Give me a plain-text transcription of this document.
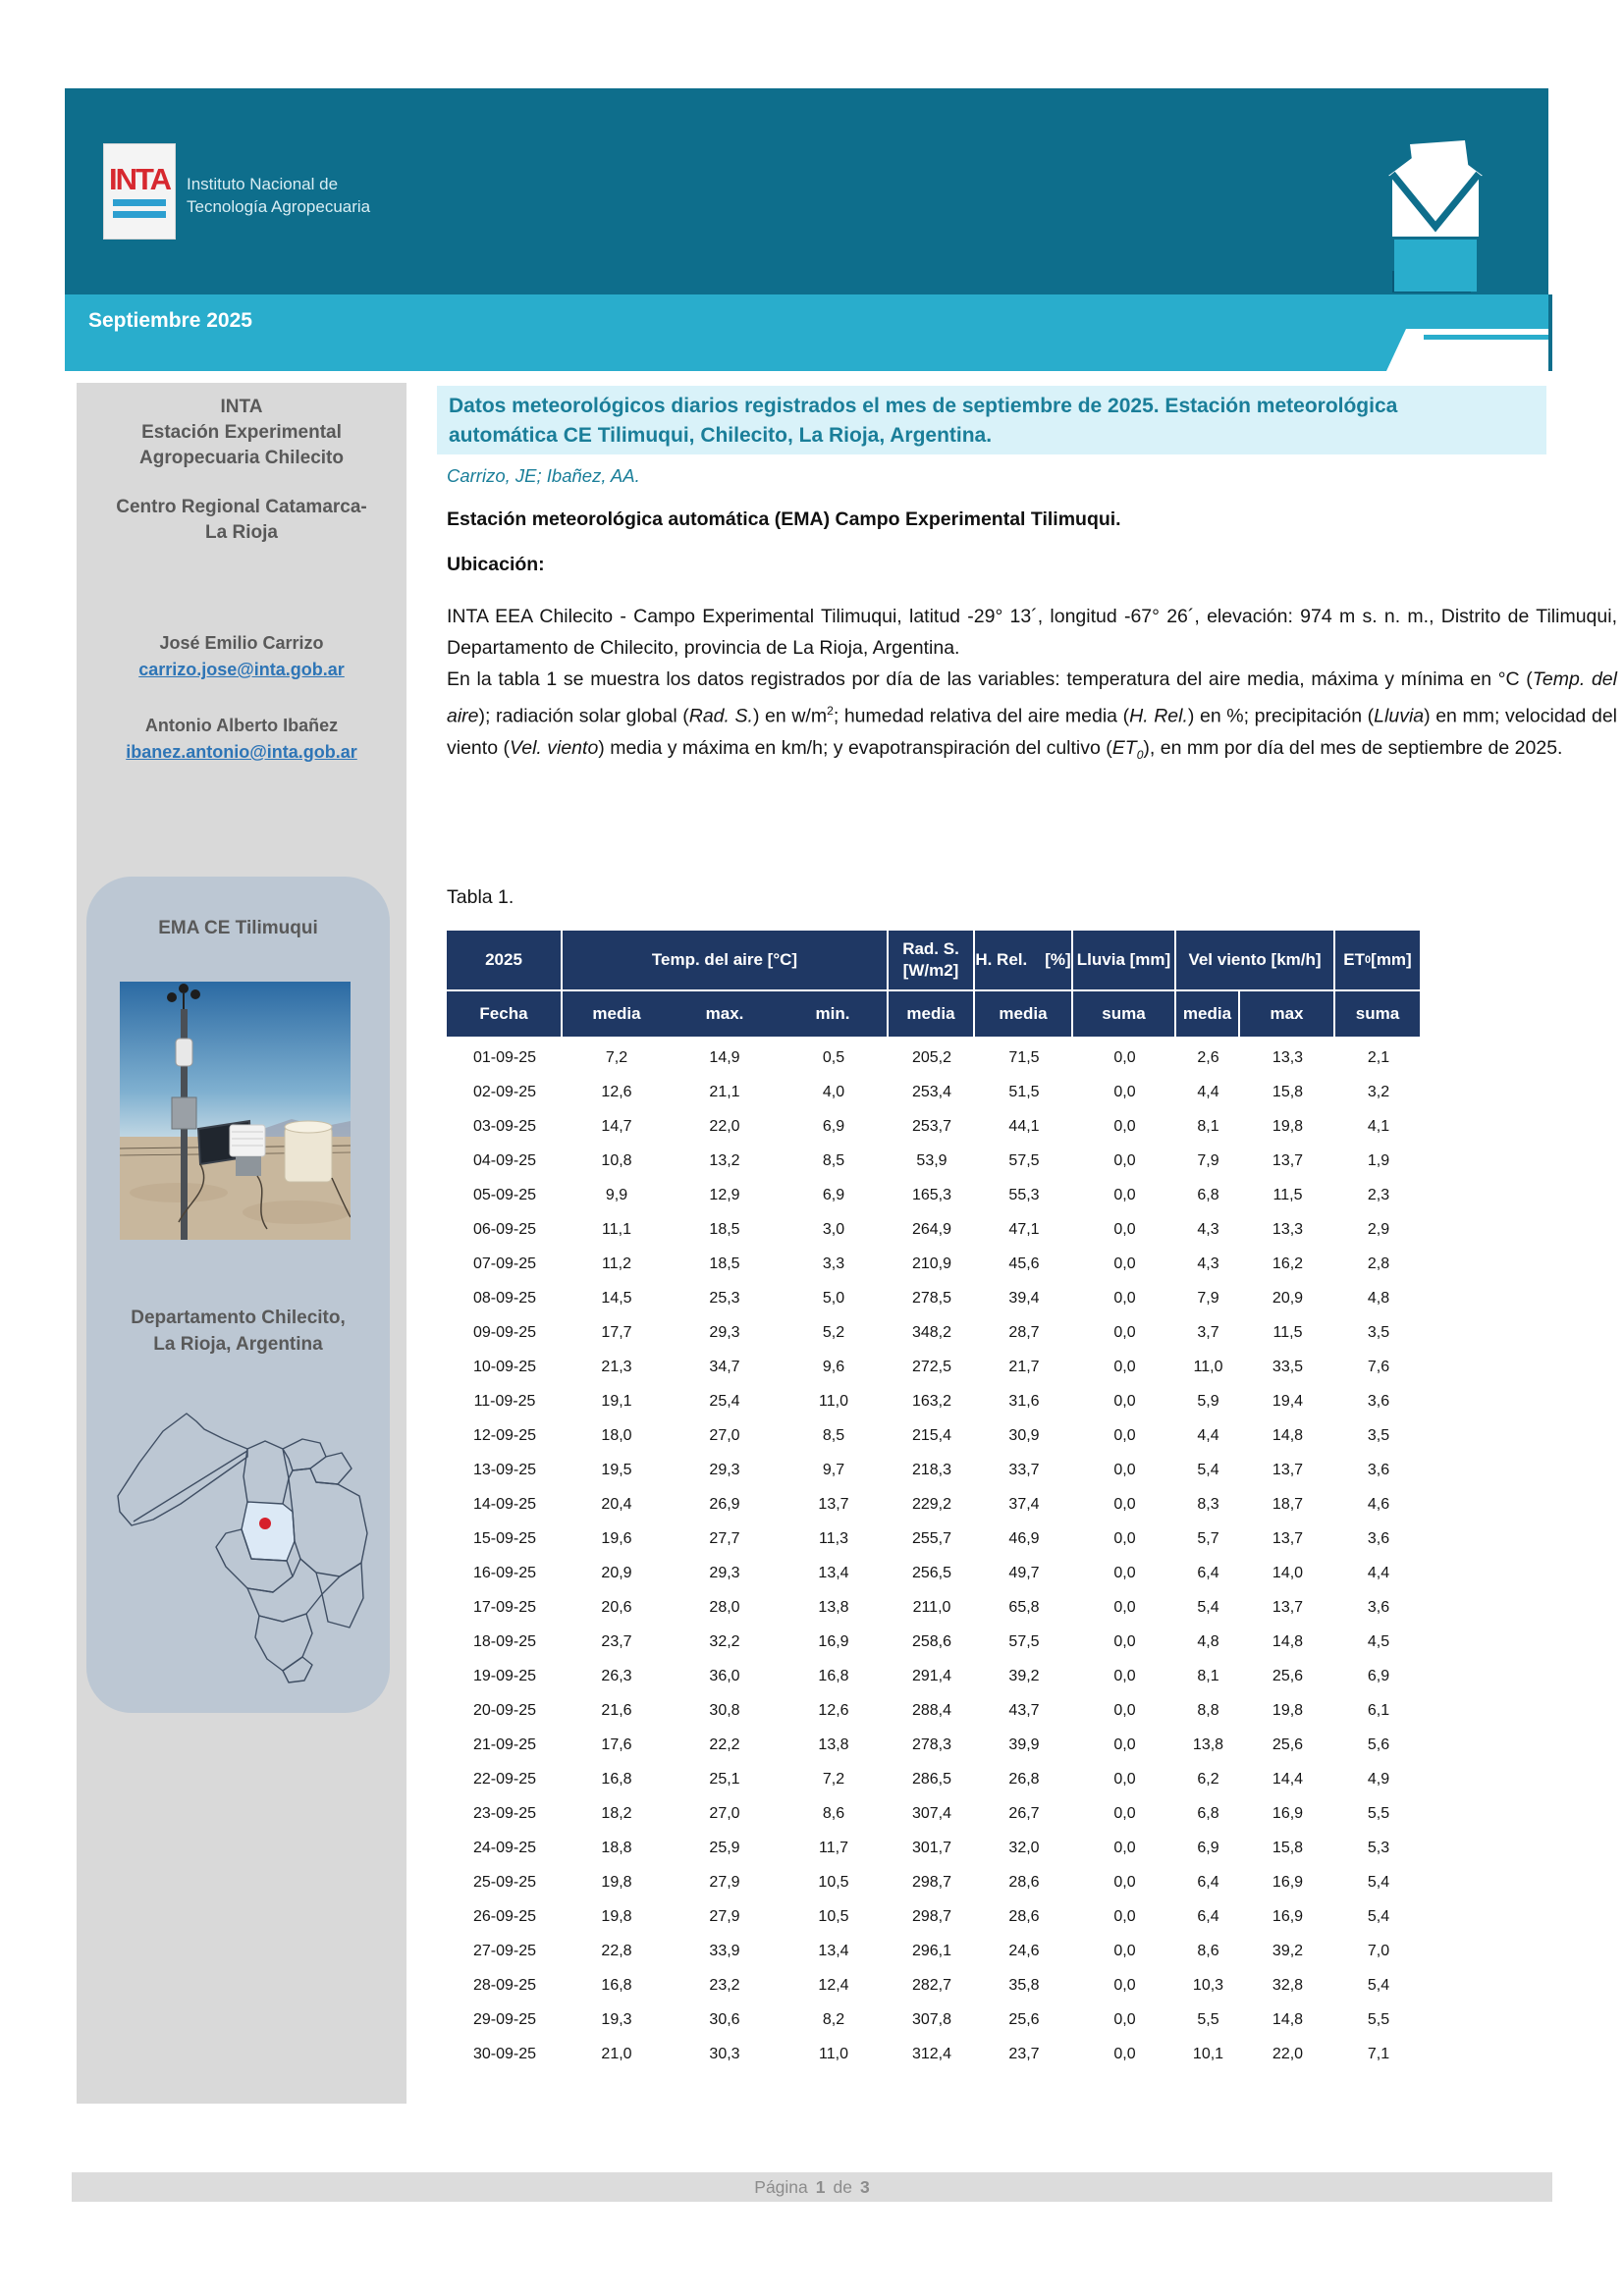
INTA Instituto Nacional de
Tecnología Agropecuaria
Septiembre 2025
INTA
Estación Experimental
Agropecuaria Chilecito
Centro Regional Catamarca-
La Rioja
José Emilio Carrizo
carrizo.jose@inta.gob.ar
Antonio Alberto Ibañez
ibanez.antonio@inta.gob.ar
EMA CE Tilimuqui
Departamento Chilecito,
La Rioja, Argentina
Datos meteorológicos diarios registrados el mes de septiembre de 2025. Estación meteorológica automática CE Tilimuqui, Chilecito, La Rioja, Argentina.
Carrizo, JE; Ibañez, AA.
Estación meteorológica automática (EMA) Campo Experimental Tilimuqui.
Ubicación:

INTA EEA Chilecito - Campo Experimental Tilimuqui, latitud -29° 13´, longitud -67° 26´, elevación: 974 m s. n. m., Distrito de Tilimuqui, Departamento de Chilecito, provincia de La Rioja, Argentina.

En la tabla 1 se muestra los datos registrados por día de las variables: temperatura del aire media, máxima y mínima en °C (Temp. del aire); radiación solar global (Rad. S.) en $w/m^2$; humedad relativa del aire media (H. Rel.) en %; precipitación (Lluvia) en mm; velocidad del viento (Vel. viento) media y máxima en km/h; y evapotranspiración del cultivo $(ET_0)$, en mm por día del mes de septiembre de 2025.

Tabla 1.
2025	Temp. del aire [°C]
Rad. S.
[W/m2]
H. Rel. [%] Lluvia [mm]	Vel viento [km/h]	ET 0 [mm]
Fecha	media	max.	min.	media	media	suma	media	max	suma
01-09-25	7,2	14,9	0,5	205,2	71,5	0,0	2,6	13,3	2,1
02-09-25	12,6	21,1	4,0	253,4	51,5	0,0	4,4	15,8	3,2
03-09-25	14,7	22,0	6,9	253,7	44,1	0,0	8,1	19,8	4,1
04-09-25	10,8	13,2	8,5	53,9	57,5	0,0	7,9	13,7	1,9
05-09-25	9,9	12,9	6,9	165,3	55,3	0,0	6,8	11,5	2,3
06-09-25	11,1	18,5	3,0	264,9	47,1	0,0	4,3	13,3	2,9
07-09-25	11,2	18,5	3,3	210,9	45,6	0,0	4,3	16,2	2,8
08-09-25	14,5	25,3	5,0	278,5	39,4	0,0	7,9	20,9	4,8
09-09-25	17,7	29,3	5,2	348,2	28,7	0,0	3,7	11,5	3,5
10-09-25	21,3	34,7	9,6	272,5	21,7	0,0	11,0	33,5	7,6
11-09-25	19,1	25,4	11,0	163,2	31,6	0,0	5,9	19,4	3,6
12-09-25	18,0	27,0	8,5	215,4	30,9	0,0	4,4	14,8	3,5
13-09-25	19,5	29,3	9,7	218,3	33,7	0,0	5,4	13,7	3,6
14-09-25	20,4	26,9	13,7	229,2	37,4	0,0	8,3	18,7	4,6
15-09-25	19,6	27,7	11,3	255,7	46,9	0,0	5,7	13,7	3,6
16-09-25	20,9	29,3	13,4	256,5	49,7	0,0	6,4	14,0	4,4
17-09-25	20,6	28,0	13,8	211,0	65,8	0,0	5,4	13,7	3,6
18-09-25	23,7	32,2	16,9	258,6	57,5	0,0	4,8	14,8	4,5
19-09-25	26,3	36,0	16,8	291,4	39,2	0,0	8,1	25,6	6,9
20-09-25	21,6	30,8	12,6	288,4	43,7	0,0	8,8	19,8	6,1
21-09-25	17,6	22,2	13,8	278,3	39,9	0,0	13,8	25,6	5,6
22-09-25	16,8	25,1	7,2	286,5	26,8	0,0	6,2	14,4	4,9
23-09-25	18,2	27,0	8,6	307,4	26,7	0,0	6,8	16,9	5,5
24-09-25	18,8	25,9	11,7	301,7	32,0	0,0	6,9	15,8	5,3
25-09-25	19,8	27,9	10,5	298,7	28,6	0,0	6,4	16,9	5,4
26-09-25	19,8	27,9	10,5	298,7	28,6	0,0	6,4	16,9	5,4
27-09-25	22,8	33,9	13,4	296,1	24,6	0,0	8,6	39,2	7,0
28-09-25	16,8	23,2	12,4	282,7	35,8	0,0	10,3	32,8	5,4
29-09-25	19,3	30,6	8,2	307,8	25,6	0,0	5,5	14,8	5,5
30-09-25	21,0	30,3	11,0	312,4	23,7	0,0	10,1	22,0	7,1
Página 1 de 3
